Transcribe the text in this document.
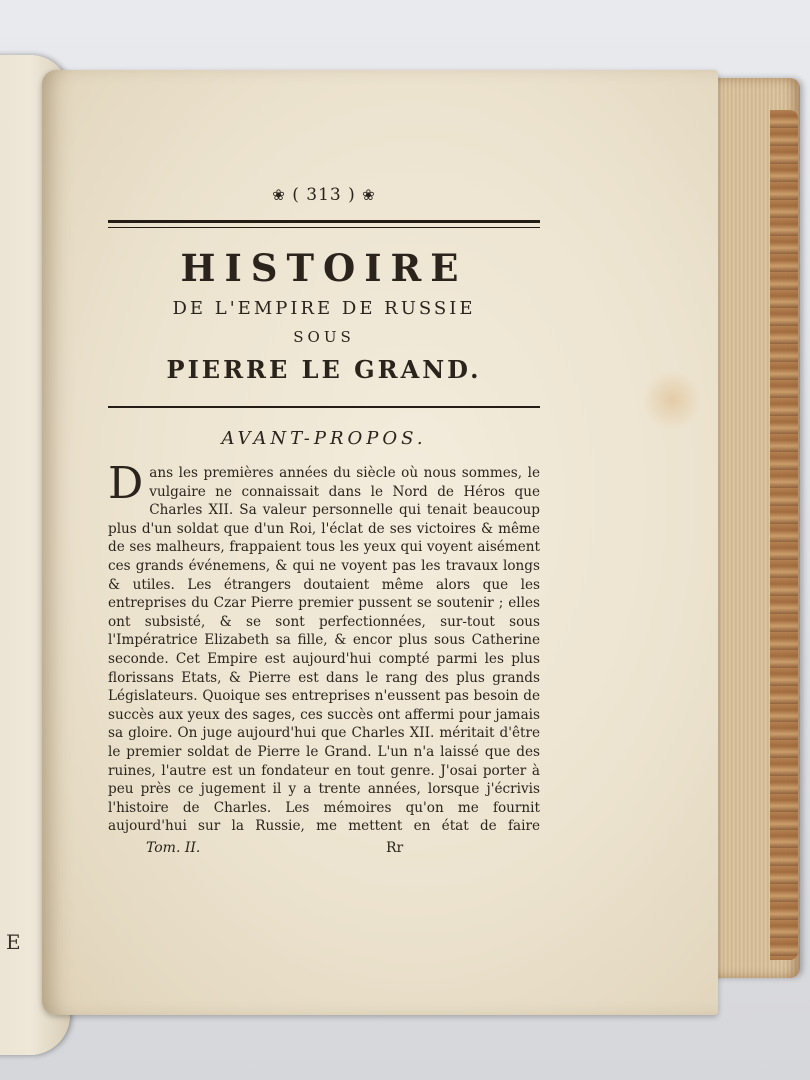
E
❀ ( 313 ) ❀
HISTOIRE
DE L'EMPIRE DE RUSSIE
SOUS
PIERRE LE GRAND.
AVANT-PROPOS.
Dans les premières années du siècle où nous sommes, le vulgaire ne connaissait dans le Nord de Héros que Charles XII. Sa valeur personnelle qui tenait beaucoup plus d'un soldat que d'un Roi, l'éclat de ses victoires & même de ses malheurs, frappaient tous les yeux qui voyent aisément ces grands événemens, & qui ne voyent pas les travaux longs & utiles. Les étrangers doutaient même alors que les entreprises du Czar Pierre premier pussent se soutenir ; elles ont subsisté, & se sont perfectionnées, sur-tout sous l'Impératrice Elizabeth sa fille, & encor plus sous Catherine seconde. Cet Empire est aujourd'hui compté parmi les plus florissans Etats, & Pierre est dans le rang des plus grands Législateurs. Quoique ses entreprises n'eussent pas besoin de succès aux yeux des sages, ces succès ont affermi pour jamais sa gloire. On juge aujourd'hui que Charles XII. méritait d'être le premier soldat de Pierre le Grand. L'un n'a laissé que des ruines, l'autre est un fondateur en tout genre. J'osai porter à peu près ce jugement il y a trente années, lorsque j'écrivis l'histoire de Charles. Les mémoires qu'on me fournit aujourd'hui sur la Russie, me mettent en état de faire
Tom. II.	Rr
